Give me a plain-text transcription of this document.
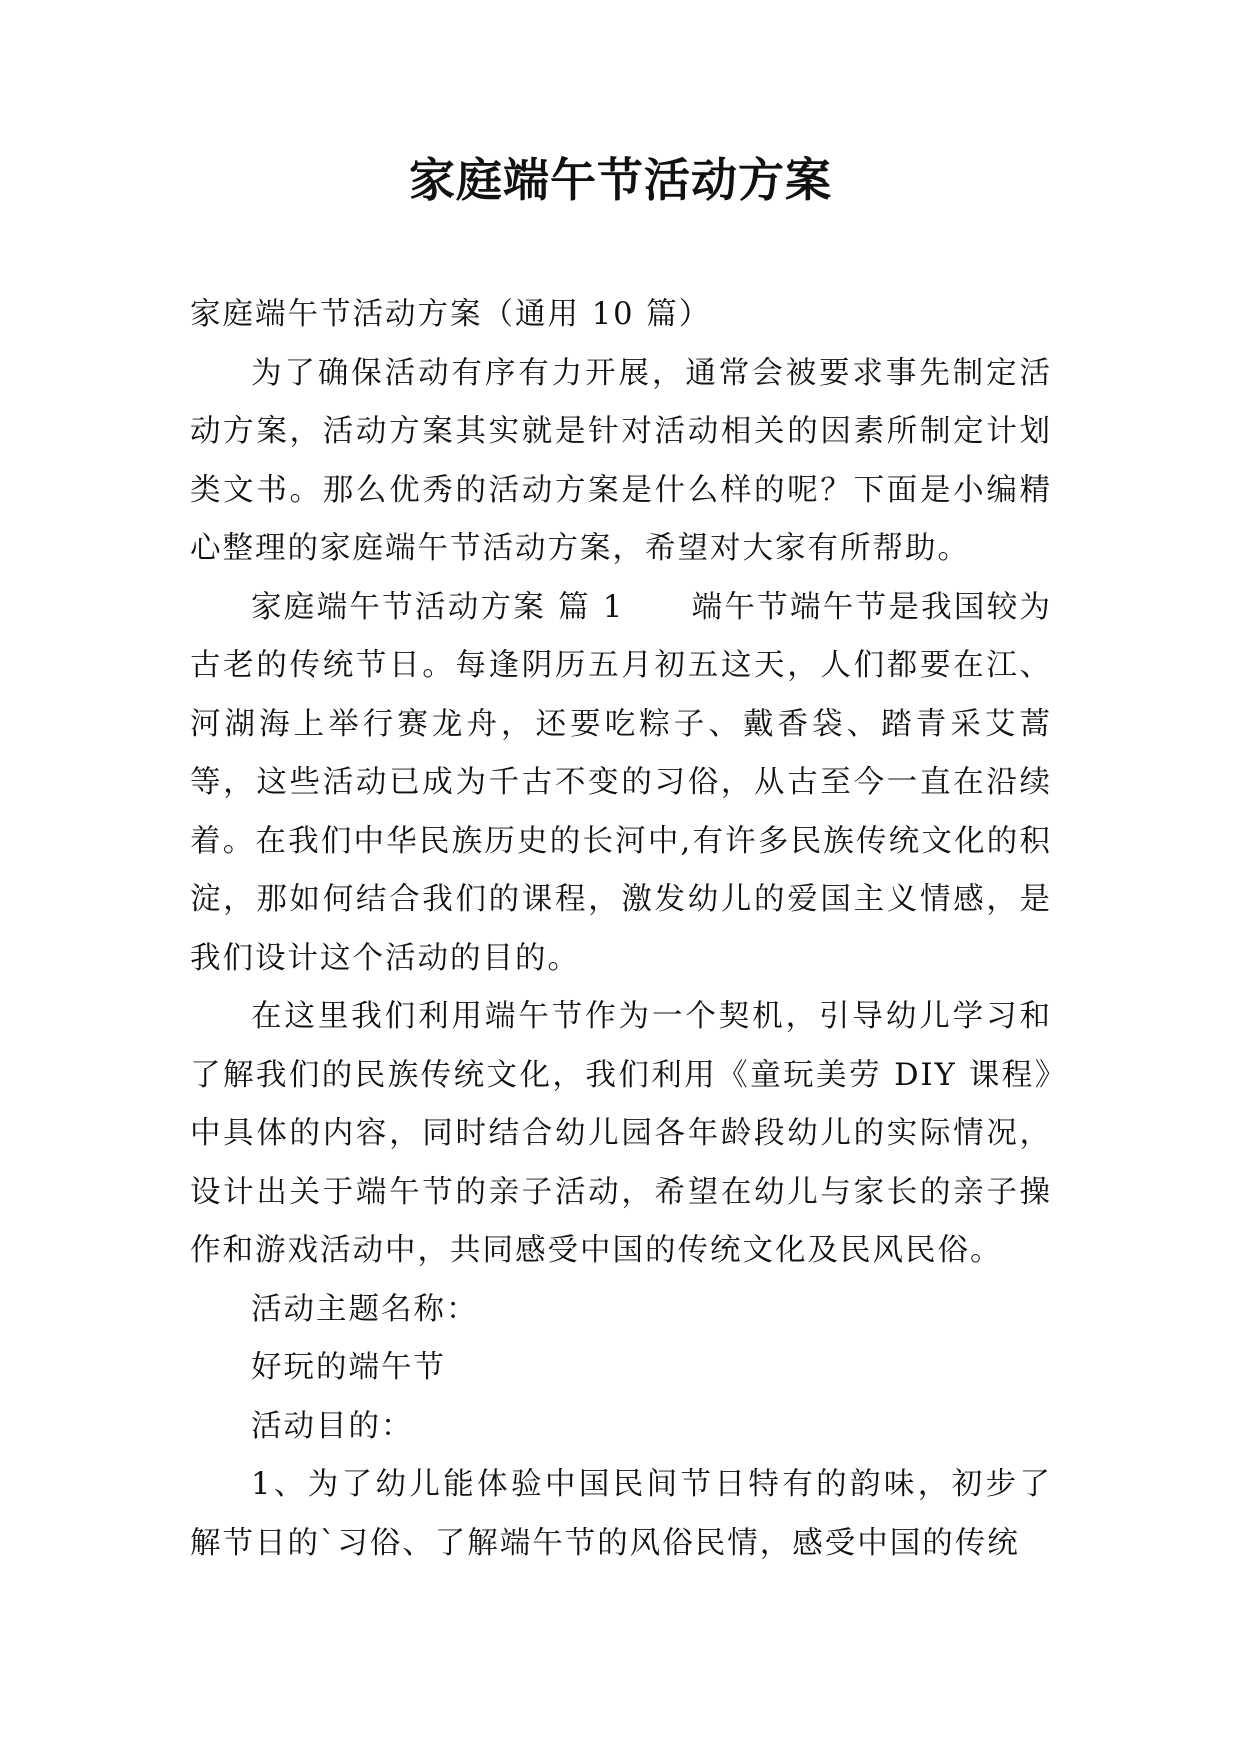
家庭端午节活动方案

家庭端午节活动方案（通用 10 篇）

为了确保活动有序有力开展，通常会被要求事先制定活动方案，活动方案其实就是针对活动相关的因素所制定计划类文书。那么优秀的活动方案是什么样的呢？下面是小编精心整理的家庭端午节活动方案，希望对大家有所帮助。

家庭端午节活动方案 篇 1 端午节端午节是我国较为古老的传统节日。每逢阴历五月初五这天，人们都要在江、河湖海上举行赛龙舟，还要吃粽子、戴香袋、踏青采艾蒿等，这些活动已成为千古不变的习俗，从古至今一直在沿续着。在我们中华民族历史的长河中,有许多民族传统文化的积淀，那如何结合我们的课程，激发幼儿的爱国主义情感，是我们设计这个活动的目的。

在这里我们利用端午节作为一个契机，引导幼儿学习和了解我们的民族传统文化，我们利用《童玩美劳 DIY 课程》中具体的内容，同时结合幼儿园各年龄段幼儿的实际情况，设计出关于端午节的亲子活动，希望在幼儿与家长的亲子操作和游戏活动中，共同感受中国的传统文化及民风民俗。

活动主题名称：

好玩的端午节

活动目的：

1、为了幼儿能体验中国民间节日特有的韵味，初步了解节日的`习俗、了解端午节的风俗民情，感受中国的传统
